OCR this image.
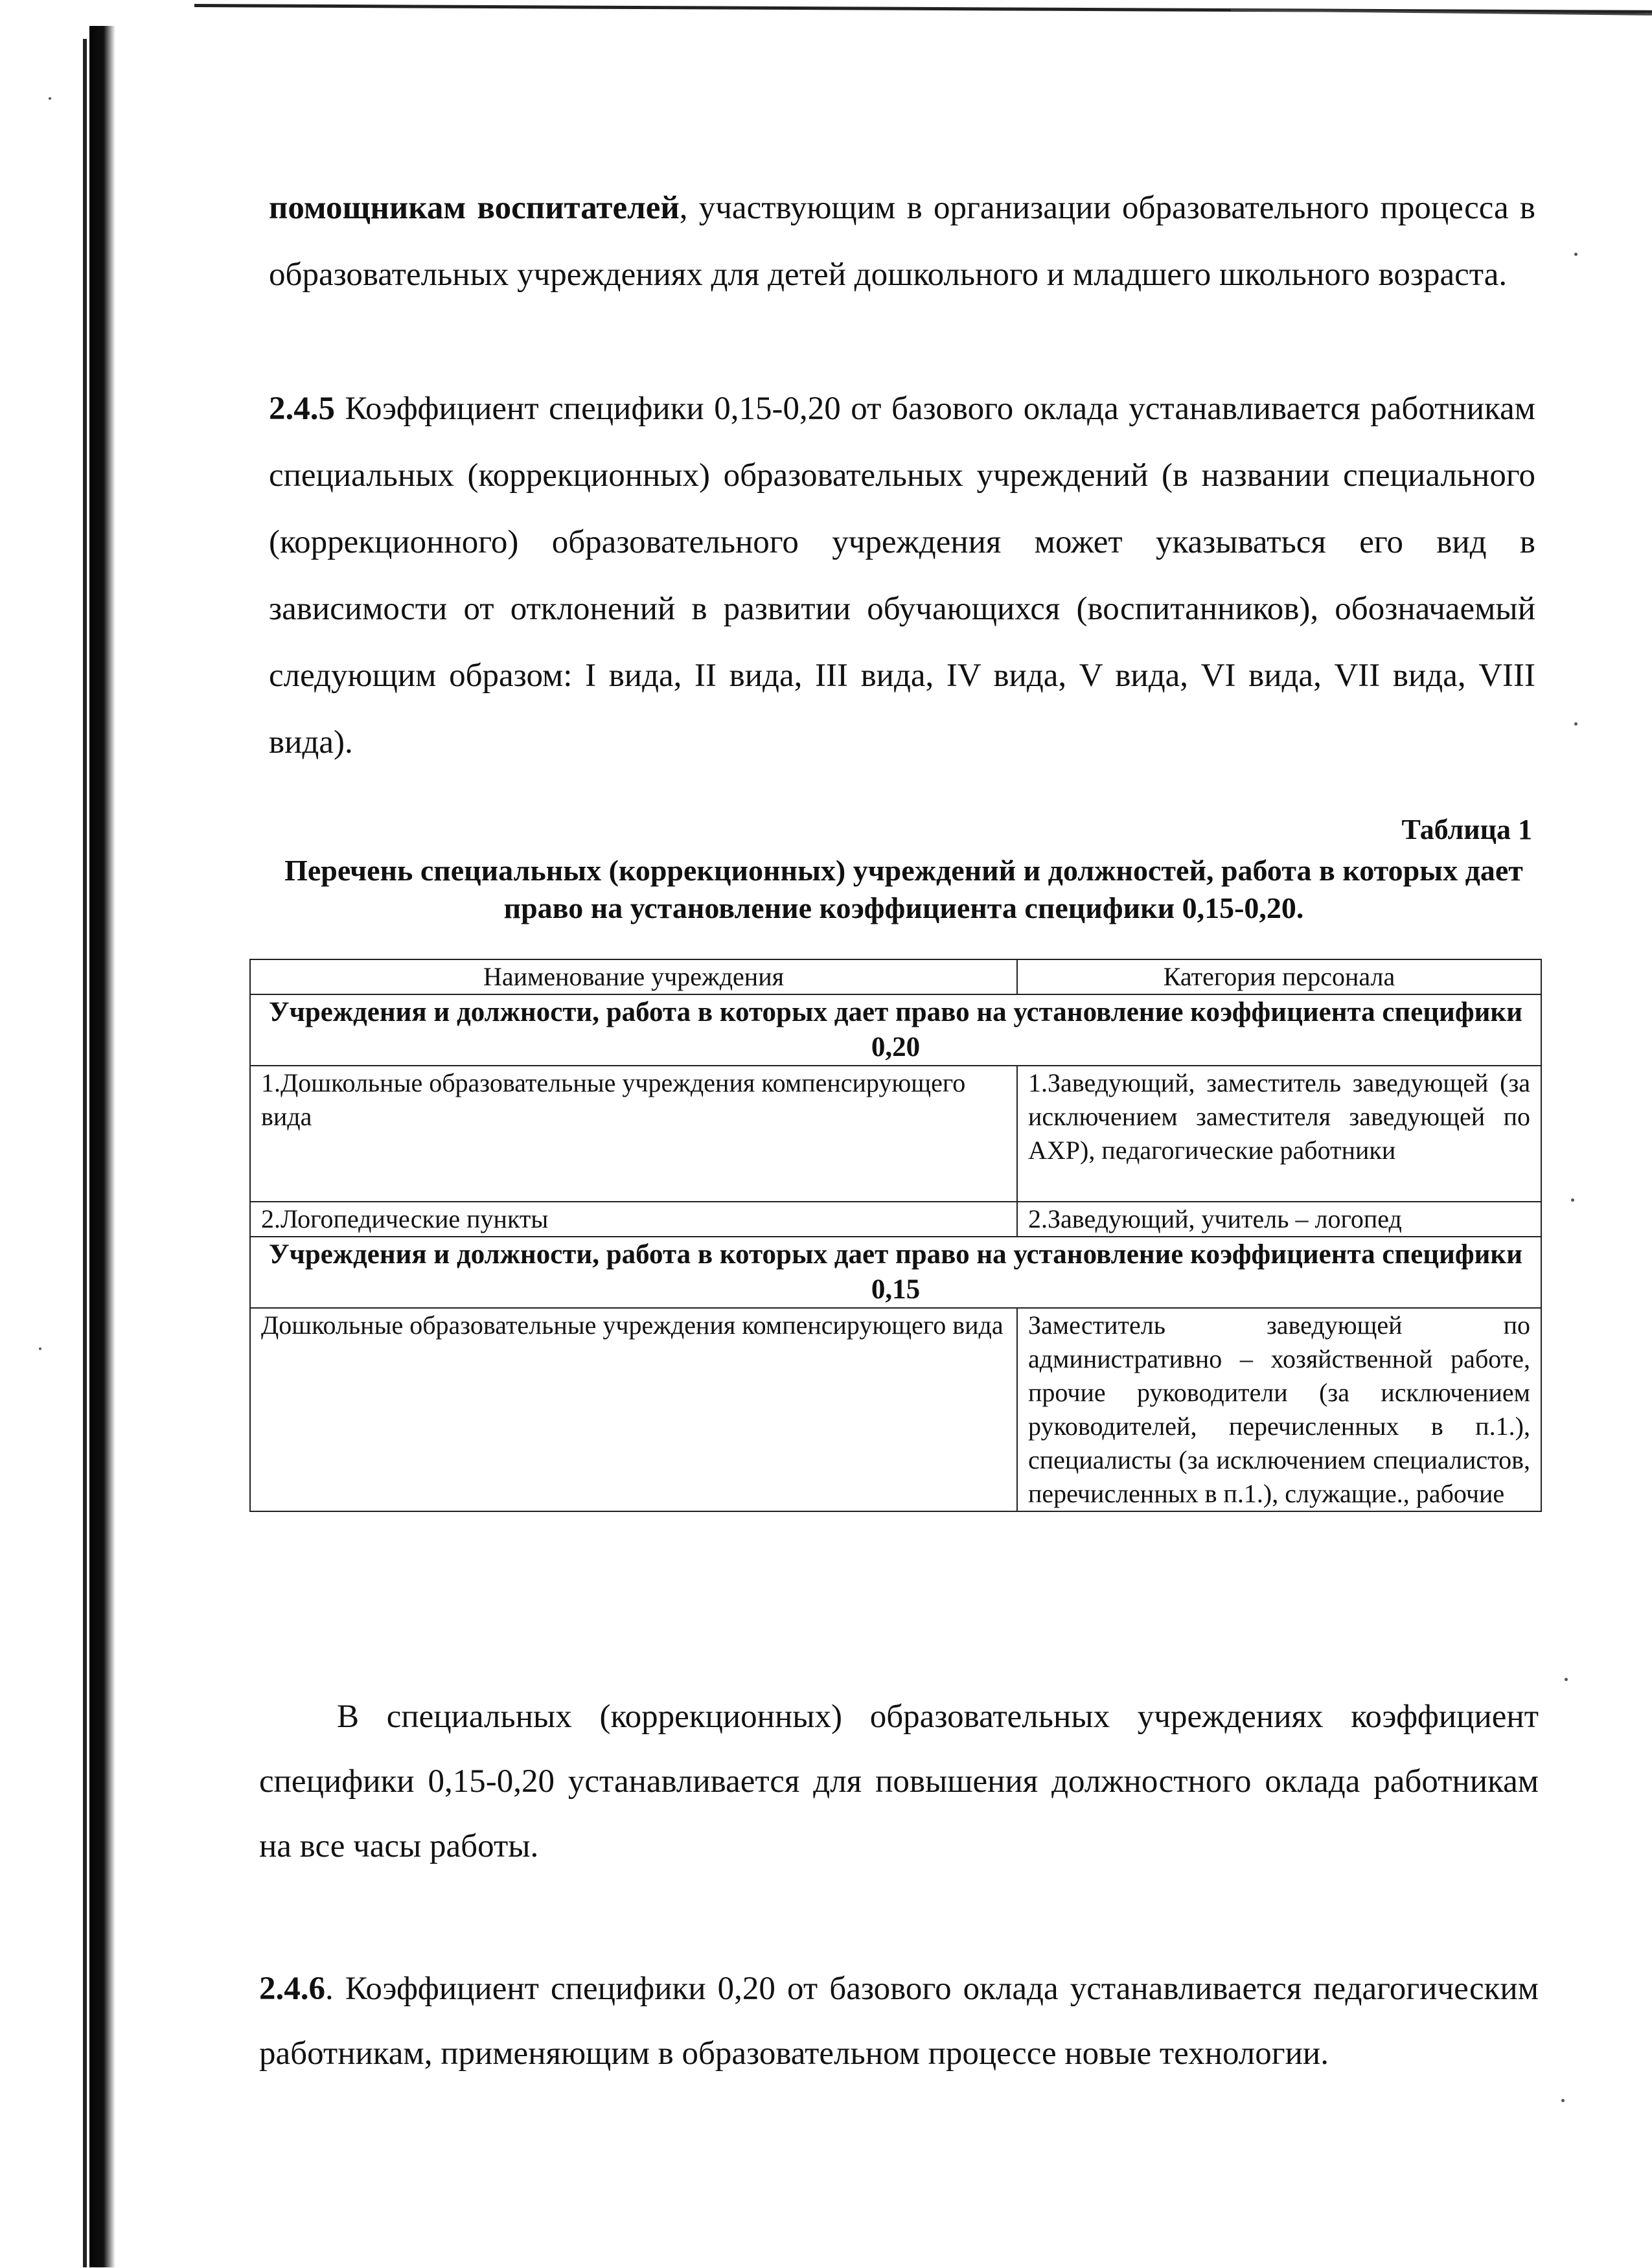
помощникам воспитателей, участвующим в организации образовательного процесса в образовательных учреждениях для детей дошкольного и младшего школьного возраста.

2.4.5 Коэффициент специфики 0,15-0,20 от базового оклада устанавливается работникам специальных (коррекционных) образовательных учреждений (в названии специального (коррекционного) образовательного учреждения может указываться его вид в зависимости от отклонений в развитии обучающихся (воспитанников), обозначаемый следующим образом: I вида, II вида, III вида, IV вида, V вида, VI вида, VII вида, VIII вида).

Таблица 1
Перечень специальных (коррекционных) учреждений и должностей, работа в которых дает право на установление коэффициента специфики 0,15-0,20.
Наименование учреждения	Категория персонала
Учреждения и должности, работа в которых дает право на установление коэффициента специфики 0,20	
1.Дошкольные образовательные учреждения компенсирующего вида	1.Заведующий, заместитель заведующей (за исключением заместителя заведующей по АХР), педагогические работники
2.Логопедические пункты	2.Заведующий, учитель – логопед
Учреждения и должности, работа в которых дает право на установление коэффициента специфики 0,15	
Дошкольные образовательные учреждения компенсирующего вида	Заместитель заведующей по административно – хозяйственной работе, прочие руководители (за исключением руководителей, перечисленных в п.1.), специалисты (за исключением специалистов, перечисленных в п.1.), служащие., рабочие

В специальных (коррекционных) образовательных учреждениях коэффициент специфики 0,15-0,20 устанавливается для повышения должностного оклада работникам на все часы работы.

2.4.6. Коэффициент специфики 0,20 от базового оклада устанавливается педагогическим работникам, применяющим в образовательном процессе новые технологии.
